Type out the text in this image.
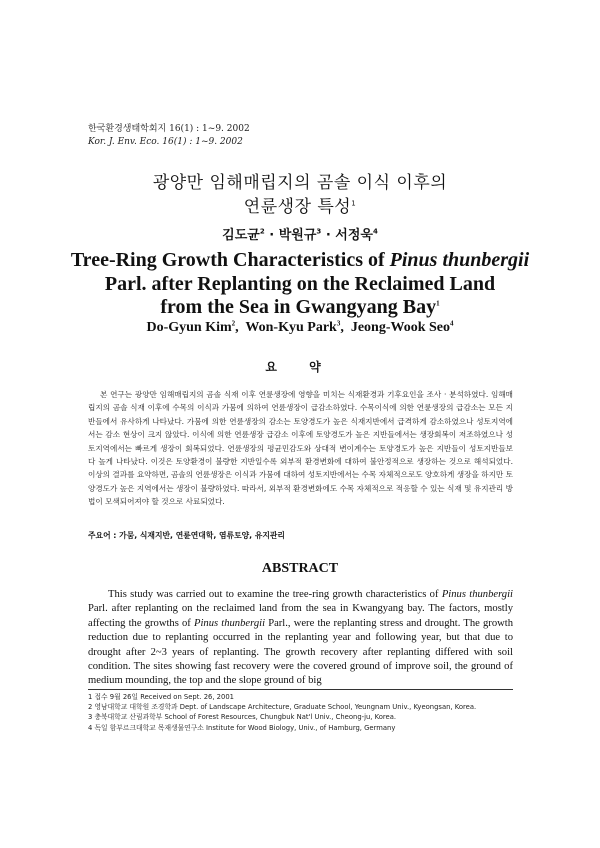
한국환경생태학회지 16(1) : 1~9. 2002
Kor. J. Env. Eco. 16(1) : 1~9. 2002
광양만 임해매립지의 곰솔 이식 이후의
연륜생장 특성$^1$
김도균$^2$ · 박원규$^3$ · 서정욱$^4$
Tree-Ring Growth Characteristics of Pinus thunbergii
Parl. after Replanting on the Reclaimed Land
from the Sea in Gwangyang Bay$^1$
Do-Gyun Kim$^2$,  Won-Kyu Park$^3$,  Jeong-Wook Seo$^4$
요 약
본 연구는 광양만 임해매립지의 곰솔 식재 이후 연륜생장에 영향을 미치는 식재환경과 기후요인을 조사 · 분석하였다. 임해매립지의 곰솔 식재 이후에 수목의 이식과 가뭄에 의하여 연륜생장이 급감소하였다. 수목이식에 의한 연륜생장의 급감소는 모든 지반들에서 유사하게 나타났다. 가뭄에 의한 연륜생장의 감소는 토양경도가 높은 식재지반에서 급격하게 감소하였으나 성토지역에서는 감소 현상이 크지 않았다. 이식에 의한 연륜생장 급감소 이후에 토양경도가 높은 지반들에서는 생장회복이 저조하였으나 성토지역에서는 빠르게 생장이 회복되었다. 연륜생장의 평균민감도와 상대적 변이계수는 토양경도가 높은 지반들이 성토지반들보다 높게 나타났다. 이것은 토양환경이 불량한 지반일수록 외부적 환경변화에 대하여 불안정적으로 생장하는 것으로 해석되었다. 이상의 결과를 요약하면, 곰솔의 연륜생장은 이식과 가뭄에 대하여 성토지반에서는 수목 자체적으로도 양호하게 생장을 하지만 토양경도가 높은 지역에서는 생장이 불량하였다. 따라서, 외부적 환경변화에도 수목 자체적으로 적응할 수 있는 식재 및 유지관리 방법이 모색되어져야 할 것으로 사료되었다.
주요어 : 가뭄, 식재지반, 연륜연대학, 염류토양, 유지관리
ABSTRACT

This study was carried out to examine the tree-ring growth characteristics of Pinus thunbergii Parl. after replanting on the reclaimed land from the sea in Kwangyang bay. The factors, mostly affecting the growths of Pinus thunbergii Parl., were the replanting stress and drought. The growth reduction due to replanting occurred in the replanting year and following year, but that due to drought after 2~3 years of replanting. The growth recovery after replanting differed with soil condition. The sites showing fast recovery were the covered ground of improve soil, the ground of medium mounding, the top and the slope ground of big

1 접수 9월 26일 Received on Sept. 26, 2001
2 영남대학교 대학원 조경학과 Dept. of Landscape Architecture, Graduate School, Yeungnam Univ., Kyeongsan, Korea.
3 충북대학교 산림과학부 School of Forest Resources, Chungbuk Nat'l Univ., Cheong-ju, Korea.
4 독일 함부르크대학교 목재생물연구소 Institute for Wood Biology, Univ., of Hamburg, Germany
